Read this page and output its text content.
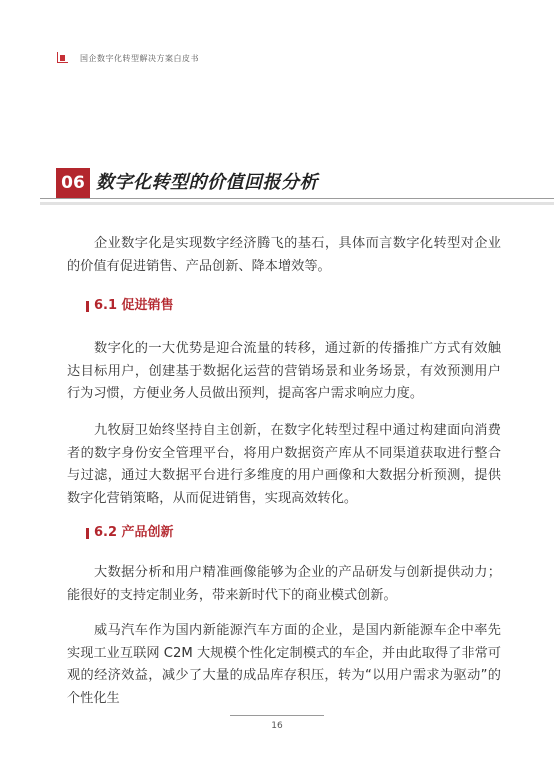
国企数字化转型解决方案白皮书
06 数字化转型的价值回报分析

企业数字化是实现数字经济腾飞的基石，具体而言数字化转型对企业的价值有促进销售、产品创新、降本增效等。

6.1 促进销售

数字化的一大优势是迎合流量的转移，通过新的传播推广方式有效触达目标用户，创建基于数据化运营的营销场景和业务场景，有效预测用户行为习惯，方便业务人员做出预判，提高客户需求响应力度。

九牧厨卫始终坚持自主创新，在数字化转型过程中通过构建面向消费者的数字身份安全管理平台，将用户数据资产库从不同渠道获取进行整合与过滤，通过大数据平台进行多维度的用户画像和大数据分析预测，提供数字化营销策略，从而促进销售，实现高效转化。

6.2 产品创新

大数据分析和用户精准画像能够为企业的产品研发与创新提供动力；能很好的支持定制业务，带来新时代下的商业模式创新。

威马汽车作为国内新能源汽车方面的企业，是国内新能源车企中率先实现工业互联网 C2M 大规模个性化定制模式的车企，并由此取得了非常可观的经济效益，减少了大量的成品库存积压，转为“以用户需求为驱动”的个性化生

16
